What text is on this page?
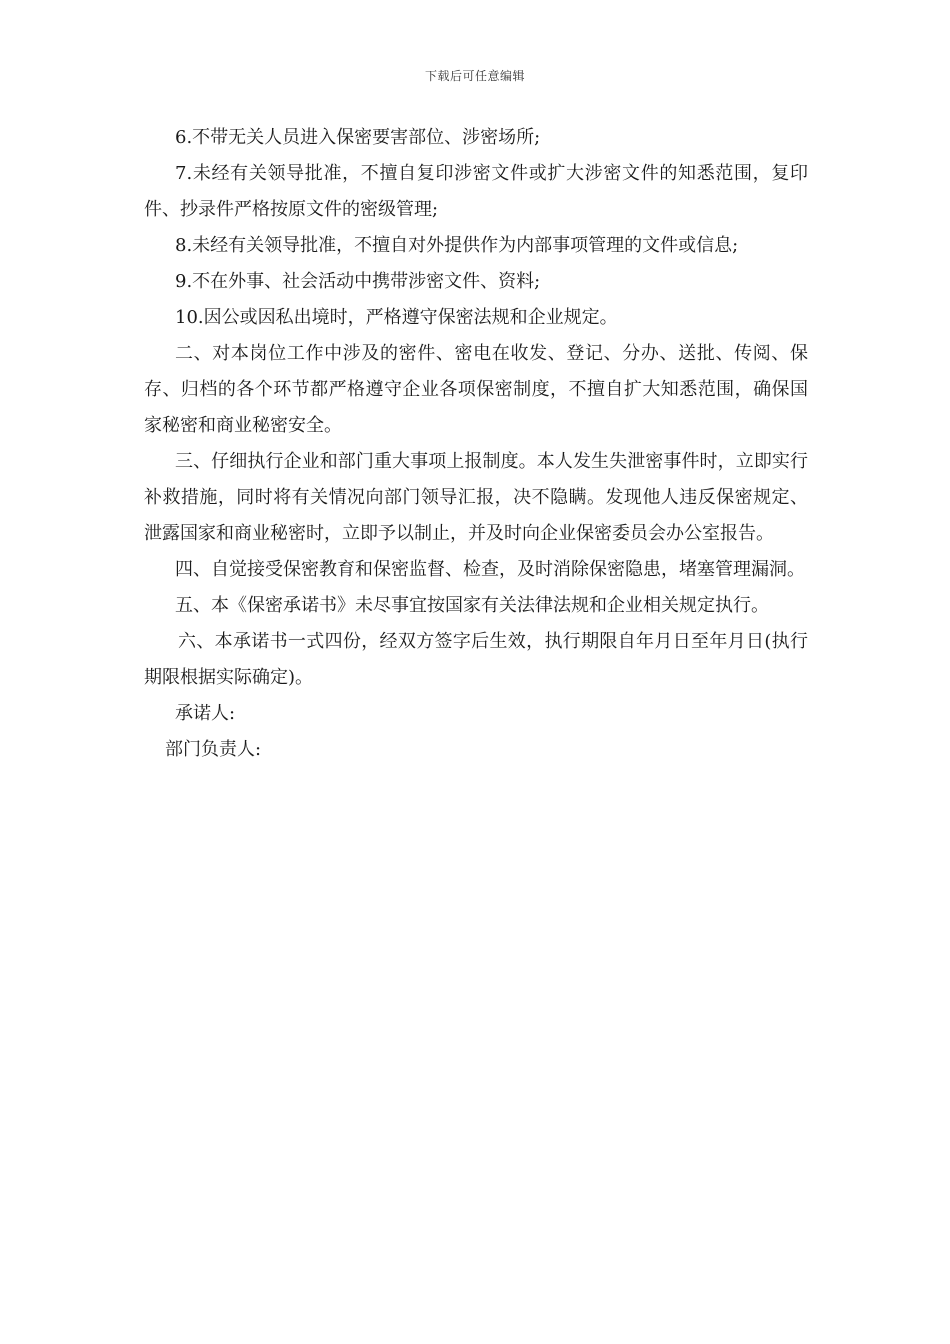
下载后可任意编辑

6.不带无关人员进入保密要害部位、涉密场所;

7.未经有关领导批准，不擅自复印涉密文件或扩大涉密文件的知悉范围，复印件、抄录件严格按原文件的密级管理;

8.未经有关领导批准，不擅自对外提供作为内部事项管理的文件或信息;

9.不在外事、社会活动中携带涉密文件、资料;

10.因公或因私出境时，严格遵守保密法规和企业规定。

二、对本岗位工作中涉及的密件、密电在收发、登记、分办、送批、传阅、保存、归档的各个环节都严格遵守企业各项保密制度，不擅自扩大知悉范围，确保国家秘密和商业秘密安全。

三、仔细执行企业和部门重大事项上报制度。本人发生失泄密事件时，立即实行补救措施，同时将有关情况向部门领导汇报，决不隐瞒。发现他人违反保密规定、泄露国家和商业秘密时，立即予以制止，并及时向企业保密委员会办公室报告。

四、自觉接受保密教育和保密监督、检查，及时消除保密隐患，堵塞管理漏洞。

五、本《保密承诺书》未尽事宜按国家有关法律法规和企业相关规定执行。

六、本承诺书一式四份，经双方签字后生效，执行期限自年月日至年月日(执行期限根据实际确定)。

承诺人:

部门负责人:
